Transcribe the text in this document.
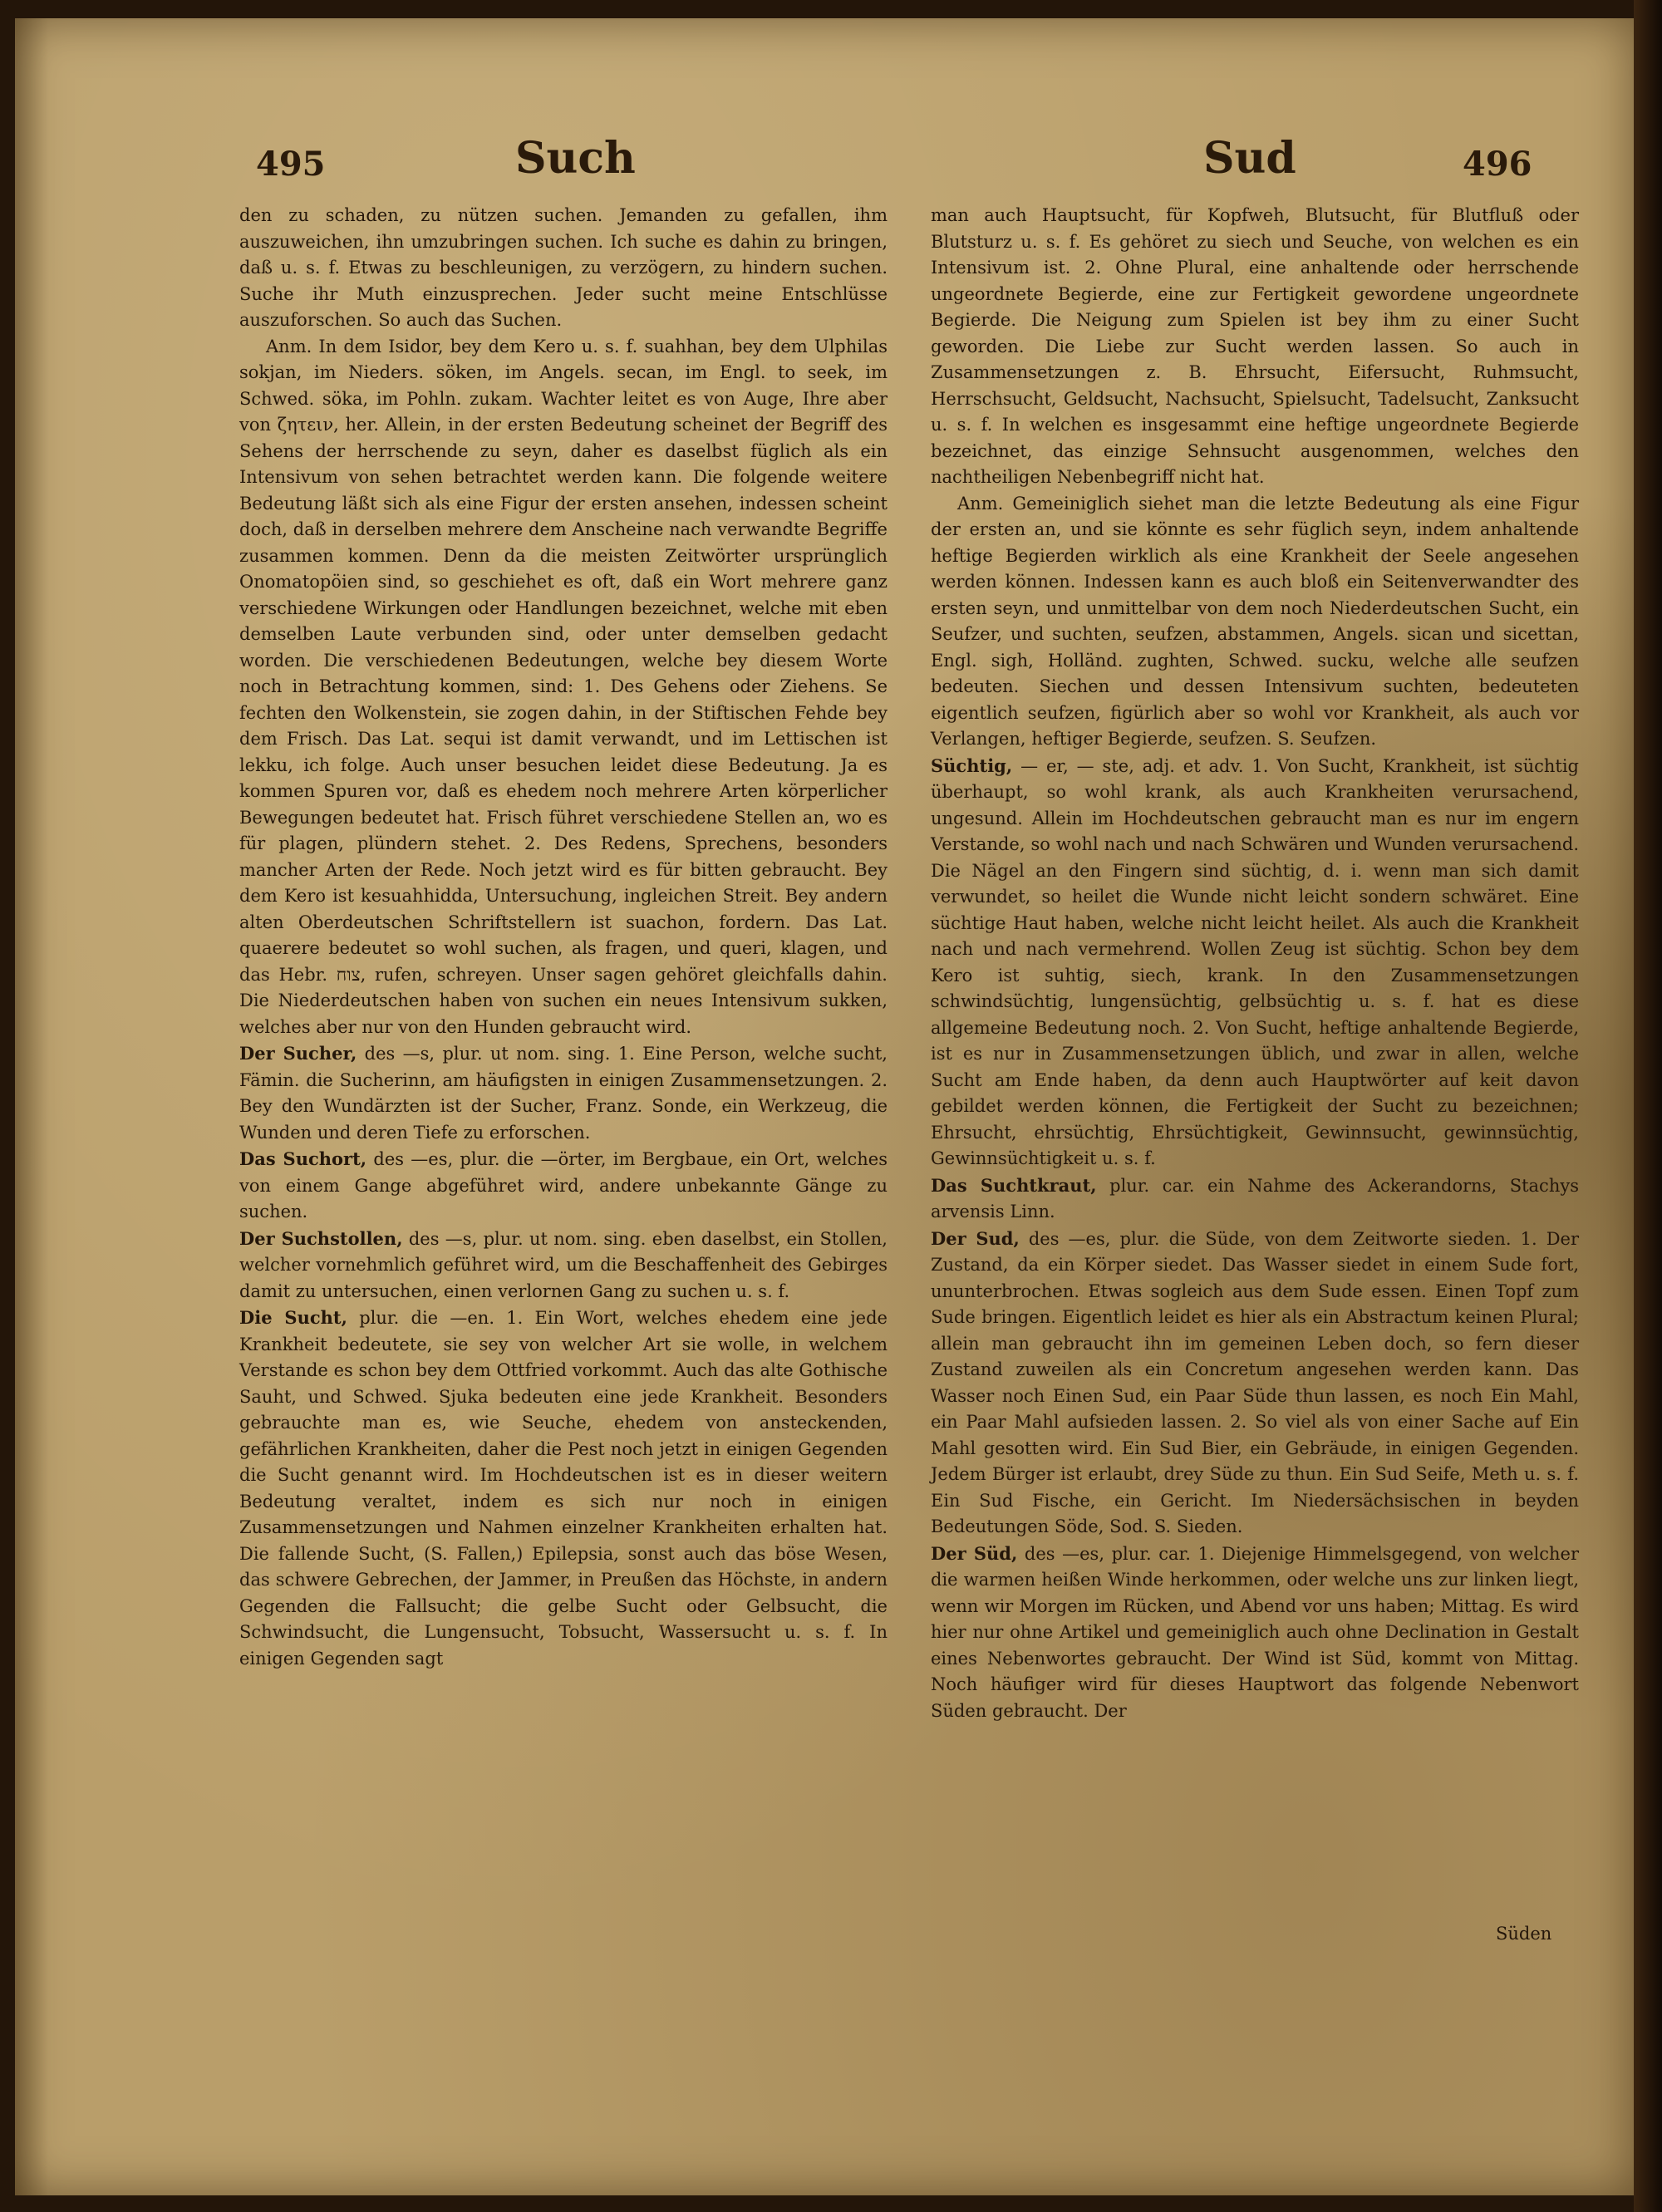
495	Such	Sud	496

den zu schaden, zu nützen suchen. Jemanden zu gefallen, ihm auszuweichen, ihn umzubringen suchen. Ich suche es dahin zu bringen, daß u. s. f. Etwas zu beschleunigen, zu verzögern, zu hindern suchen. Suche ihr Muth einzusprechen. Jeder sucht meine Entschlüsse auszuforschen. So auch das Suchen.

Anm. In dem Isidor, bey dem Kero u. s. f. suahhan, bey dem Ulphilas sokjan, im Nieders. söken, im Angels. secan, im Engl. to seek, im Schwed. söka, im Pohln. zukam. Wachter leitet es von Auge, Ihre aber von ζητειν, her. Allein, in der ersten Bedeutung scheinet der Begriff des Sehens der herrschende zu seyn, daher es daselbst füglich als ein Intensivum von sehen betrachtet werden kann. Die folgende weitere Bedeutung läßt sich als eine Figur der ersten ansehen, indessen scheint doch, daß in derselben mehrere dem Anscheine nach verwandte Begriffe zusammen kommen. Denn da die meisten Zeitwörter ursprünglich Onomatopöien sind, so geschiehet es oft, daß ein Wort mehrere ganz verschiedene Wirkungen oder Handlungen bezeichnet, welche mit eben demselben Laute verbunden sind, oder unter demselben gedacht worden. Die verschiedenen Bedeutungen, welche bey diesem Worte noch in Betrachtung kommen, sind: 1. Des Gehens oder Ziehens. Se fechten den Wolkenstein, sie zogen dahin, in der Stiftischen Fehde bey dem Frisch. Das Lat. sequi ist damit verwandt, und im Lettischen ist lekku, ich folge. Auch unser besuchen leidet diese Bedeutung. Ja es kommen Spuren vor, daß es ehedem noch mehrere Arten körperlicher Bewegungen bedeutet hat. Frisch führet verschiedene Stellen an, wo es für plagen, plündern stehet. 2. Des Redens, Sprechens, besonders mancher Arten der Rede. Noch jetzt wird es für bitten gebraucht. Bey dem Kero ist kesuahhidda, Untersuchung, ingleichen Streit. Bey andern alten Oberdeutschen Schriftstellern ist suachon, fordern. Das Lat. quaerere bedeutet so wohl suchen, als fragen, und queri, klagen, und das Hebr. צוח, rufen, schreyen. Unser sagen gehöret gleichfalls dahin. Die Niederdeutschen haben von suchen ein neues Intensivum sukken, welches aber nur von den Hunden gebraucht wird.

Der Sucher, des —s, plur. ut nom. sing. 1. Eine Person, welche sucht, Fämin. die Sucherinn, am häufigsten in einigen Zusammensetzungen. 2. Bey den Wundärzten ist der Sucher, Franz. Sonde, ein Werkzeug, die Wunden und deren Tiefe zu erforschen.

Das Suchort, des —es, plur. die —örter, im Bergbaue, ein Ort, welches von einem Gange abgeführet wird, andere unbekannte Gänge zu suchen.

Der Suchstollen, des —s, plur. ut nom. sing. eben daselbst, ein Stollen, welcher vornehmlich geführet wird, um die Beschaffenheit des Gebirges damit zu untersuchen, einen verlornen Gang zu suchen u. s. f.

Die Sucht, plur. die —en. 1. Ein Wort, welches ehedem eine jede Krankheit bedeutete, sie sey von welcher Art sie wolle, in welchem Verstande es schon bey dem Ottfried vorkommt. Auch das alte Gothische Sauht, und Schwed. Sjuka bedeuten eine jede Krankheit. Besonders gebrauchte man es, wie Seuche, ehedem von ansteckenden, gefährlichen Krankheiten, daher die Pest noch jetzt in einigen Gegenden die Sucht genannt wird. Im Hochdeutschen ist es in dieser weitern Bedeutung veraltet, indem es sich nur noch in einigen Zusammensetzungen und Nahmen einzelner Krankheiten erhalten hat. Die fallende Sucht, (S. Fallen,) Epilepsia, sonst auch das böse Wesen, das schwere Gebrechen, der Jammer, in Preußen das Höchste, in andern Gegenden die Fallsucht; die gelbe Sucht oder Gelbsucht, die Schwindsucht, die Lungensucht, Tobsucht, Wassersucht u. s. f. In einigen Gegenden sagt

man auch Hauptsucht, für Kopfweh, Blutsucht, für Blutfluß oder Blutsturz u. s. f. Es gehöret zu siech und Seuche, von welchen es ein Intensivum ist. 2. Ohne Plural, eine anhaltende oder herrschende ungeordnete Begierde, eine zur Fertigkeit gewordene ungeordnete Begierde. Die Neigung zum Spielen ist bey ihm zu einer Sucht geworden. Die Liebe zur Sucht werden lassen. So auch in Zusammensetzungen z. B. Ehrsucht, Eifersucht, Ruhmsucht, Herrschsucht, Geldsucht, Nachsucht, Spielsucht, Tadelsucht, Zanksucht u. s. f. In welchen es insgesammt eine heftige ungeordnete Begierde bezeichnet, das einzige Sehnsucht ausgenommen, welches den nachtheiligen Nebenbegriff nicht hat.

Anm. Gemeiniglich siehet man die letzte Bedeutung als eine Figur der ersten an, und sie könnte es sehr füglich seyn, indem anhaltende heftige Begierden wirklich als eine Krankheit der Seele angesehen werden können. Indessen kann es auch bloß ein Seitenverwandter des ersten seyn, und unmittelbar von dem noch Niederdeutschen Sucht, ein Seufzer, und suchten, seufzen, abstammen, Angels. sican und sicettan, Engl. sigh, Holländ. zughten, Schwed. sucku, welche alle seufzen bedeuten. Siechen und dessen Intensivum suchten, bedeuteten eigentlich seufzen, figürlich aber so wohl vor Krankheit, als auch vor Verlangen, heftiger Begierde, seufzen. S. Seufzen.

Süchtig, — er, — ste, adj. et adv. 1. Von Sucht, Krankheit, ist süchtig überhaupt, so wohl krank, als auch Krankheiten verursachend, ungesund. Allein im Hochdeutschen gebraucht man es nur im engern Verstande, so wohl nach und nach Schwären und Wunden verursachend. Die Nägel an den Fingern sind süchtig, d. i. wenn man sich damit verwundet, so heilet die Wunde nicht leicht sondern schwäret. Eine süchtige Haut haben, welche nicht leicht heilet. Als auch die Krankheit nach und nach vermehrend. Wollen Zeug ist süchtig. Schon bey dem Kero ist suhtig, siech, krank. In den Zusammensetzungen schwindsüchtig, lungensüchtig, gelbsüchtig u. s. f. hat es diese allgemeine Bedeutung noch. 2. Von Sucht, heftige anhaltende Begierde, ist es nur in Zusammensetzungen üblich, und zwar in allen, welche Sucht am Ende haben, da denn auch Hauptwörter auf keit davon gebildet werden können, die Fertigkeit der Sucht zu bezeichnen; Ehrsucht, ehrsüchtig, Ehrsüchtigkeit, Gewinnsucht, gewinnsüchtig, Gewinnsüchtigkeit u. s. f.

Das Suchtkraut, plur. car. ein Nahme des Ackerandorns, Stachys arvensis Linn.

Der Sud, des —es, plur. die Süde, von dem Zeitworte sieden. 1. Der Zustand, da ein Körper siedet. Das Wasser siedet in einem Sude fort, ununterbrochen. Etwas sogleich aus dem Sude essen. Einen Topf zum Sude bringen. Eigentlich leidet es hier als ein Abstractum keinen Plural; allein man gebraucht ihn im gemeinen Leben doch, so fern dieser Zustand zuweilen als ein Concretum angesehen werden kann. Das Wasser noch Einen Sud, ein Paar Süde thun lassen, es noch Ein Mahl, ein Paar Mahl aufsieden lassen. 2. So viel als von einer Sache auf Ein Mahl gesotten wird. Ein Sud Bier, ein Gebräude, in einigen Gegenden. Jedem Bürger ist erlaubt, drey Süde zu thun. Ein Sud Seife, Meth u. s. f. Ein Sud Fische, ein Gericht. Im Niedersächsischen in beyden Bedeutungen Söde, Sod. S. Sieden.

Der Süd, des —es, plur. car. 1. Diejenige Himmelsgegend, von welcher die warmen heißen Winde herkommen, oder welche uns zur linken liegt, wenn wir Morgen im Rücken, und Abend vor uns haben; Mittag. Es wird hier nur ohne Artikel und gemeiniglich auch ohne Declination in Gestalt eines Nebenwortes gebraucht. Der Wind ist Süd, kommt von Mittag. Noch häufiger wird für dieses Hauptwort das folgende Nebenwort Süden gebraucht. Der

Süden
